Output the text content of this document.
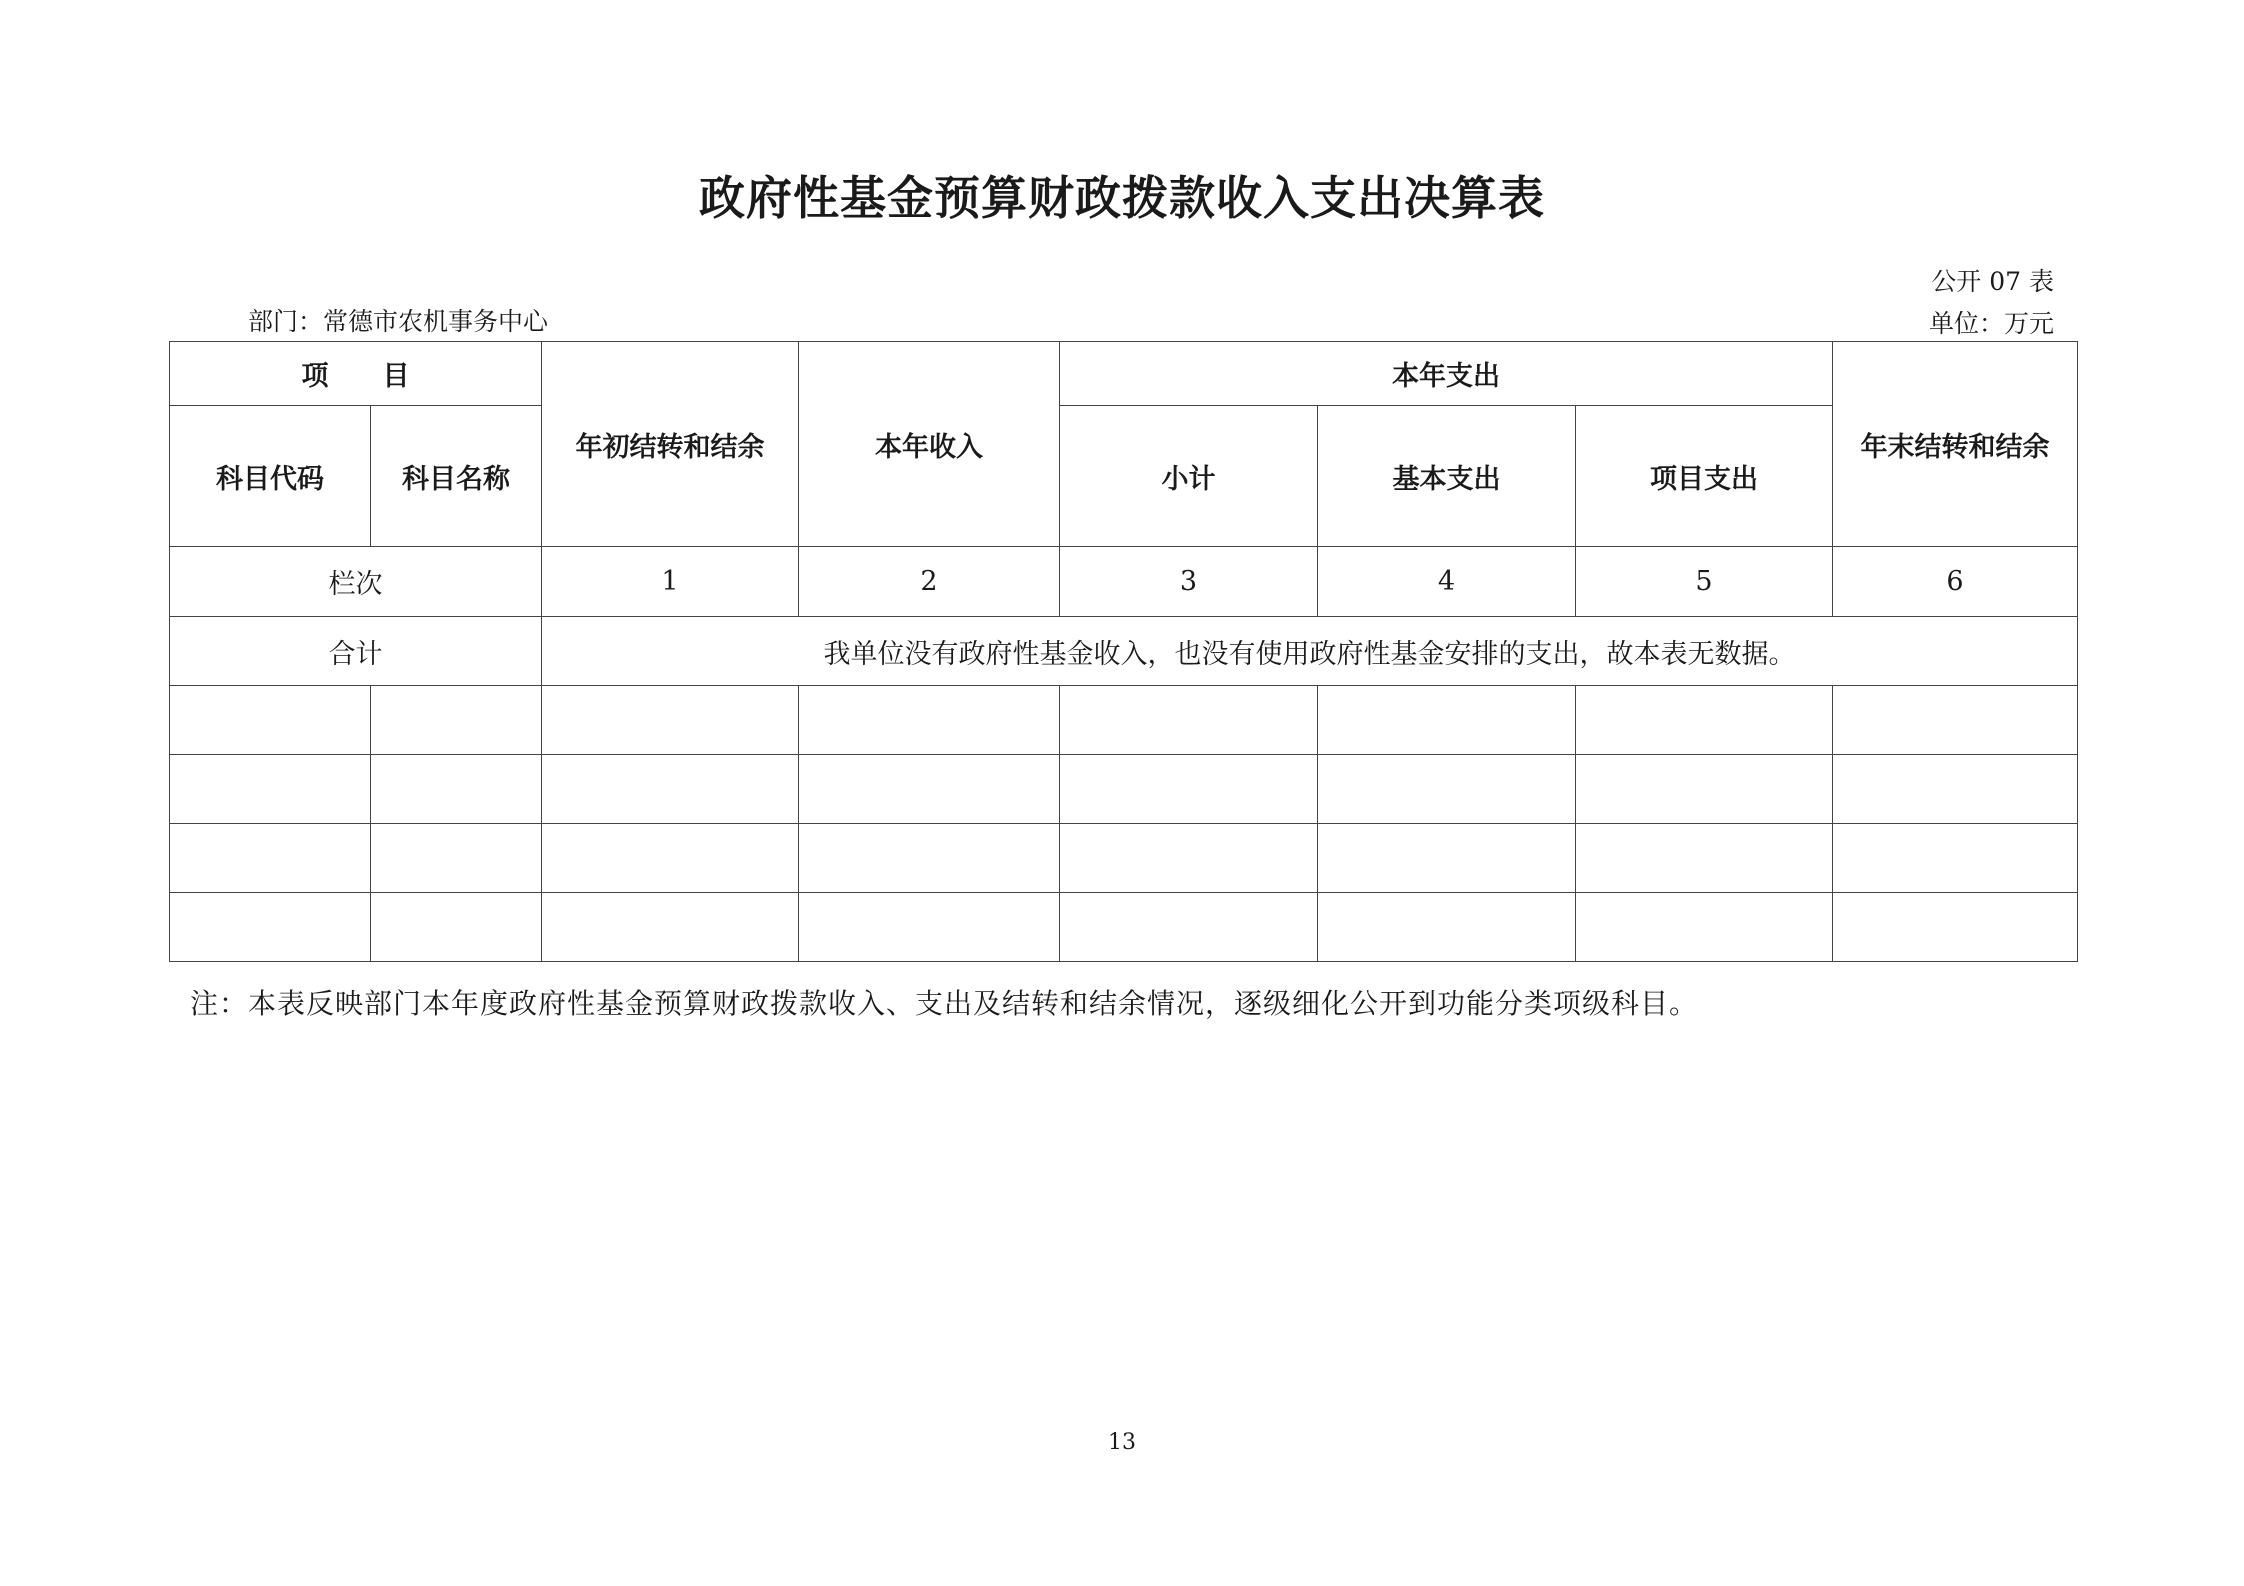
政府性基金预算财政拨款收入支出决算表
公开 07 表
部门：常德市农机事务中心	单位：万元
项　　目		年初结转和结余	本年收入	本年支出			年末结转和结余
科目代码	科目名称			小计	基本支出	项目支出	
栏次		1	2	3	4	5	6
合计		我单位没有政府性基金收入，也没有使用政府性基金安排的支出，故本表无数据。					

注：本表反映部门本年度政府性基金预算财政拨款收入、支出及结转和结余情况，逐级细化公开到功能分类项级科目。
13
